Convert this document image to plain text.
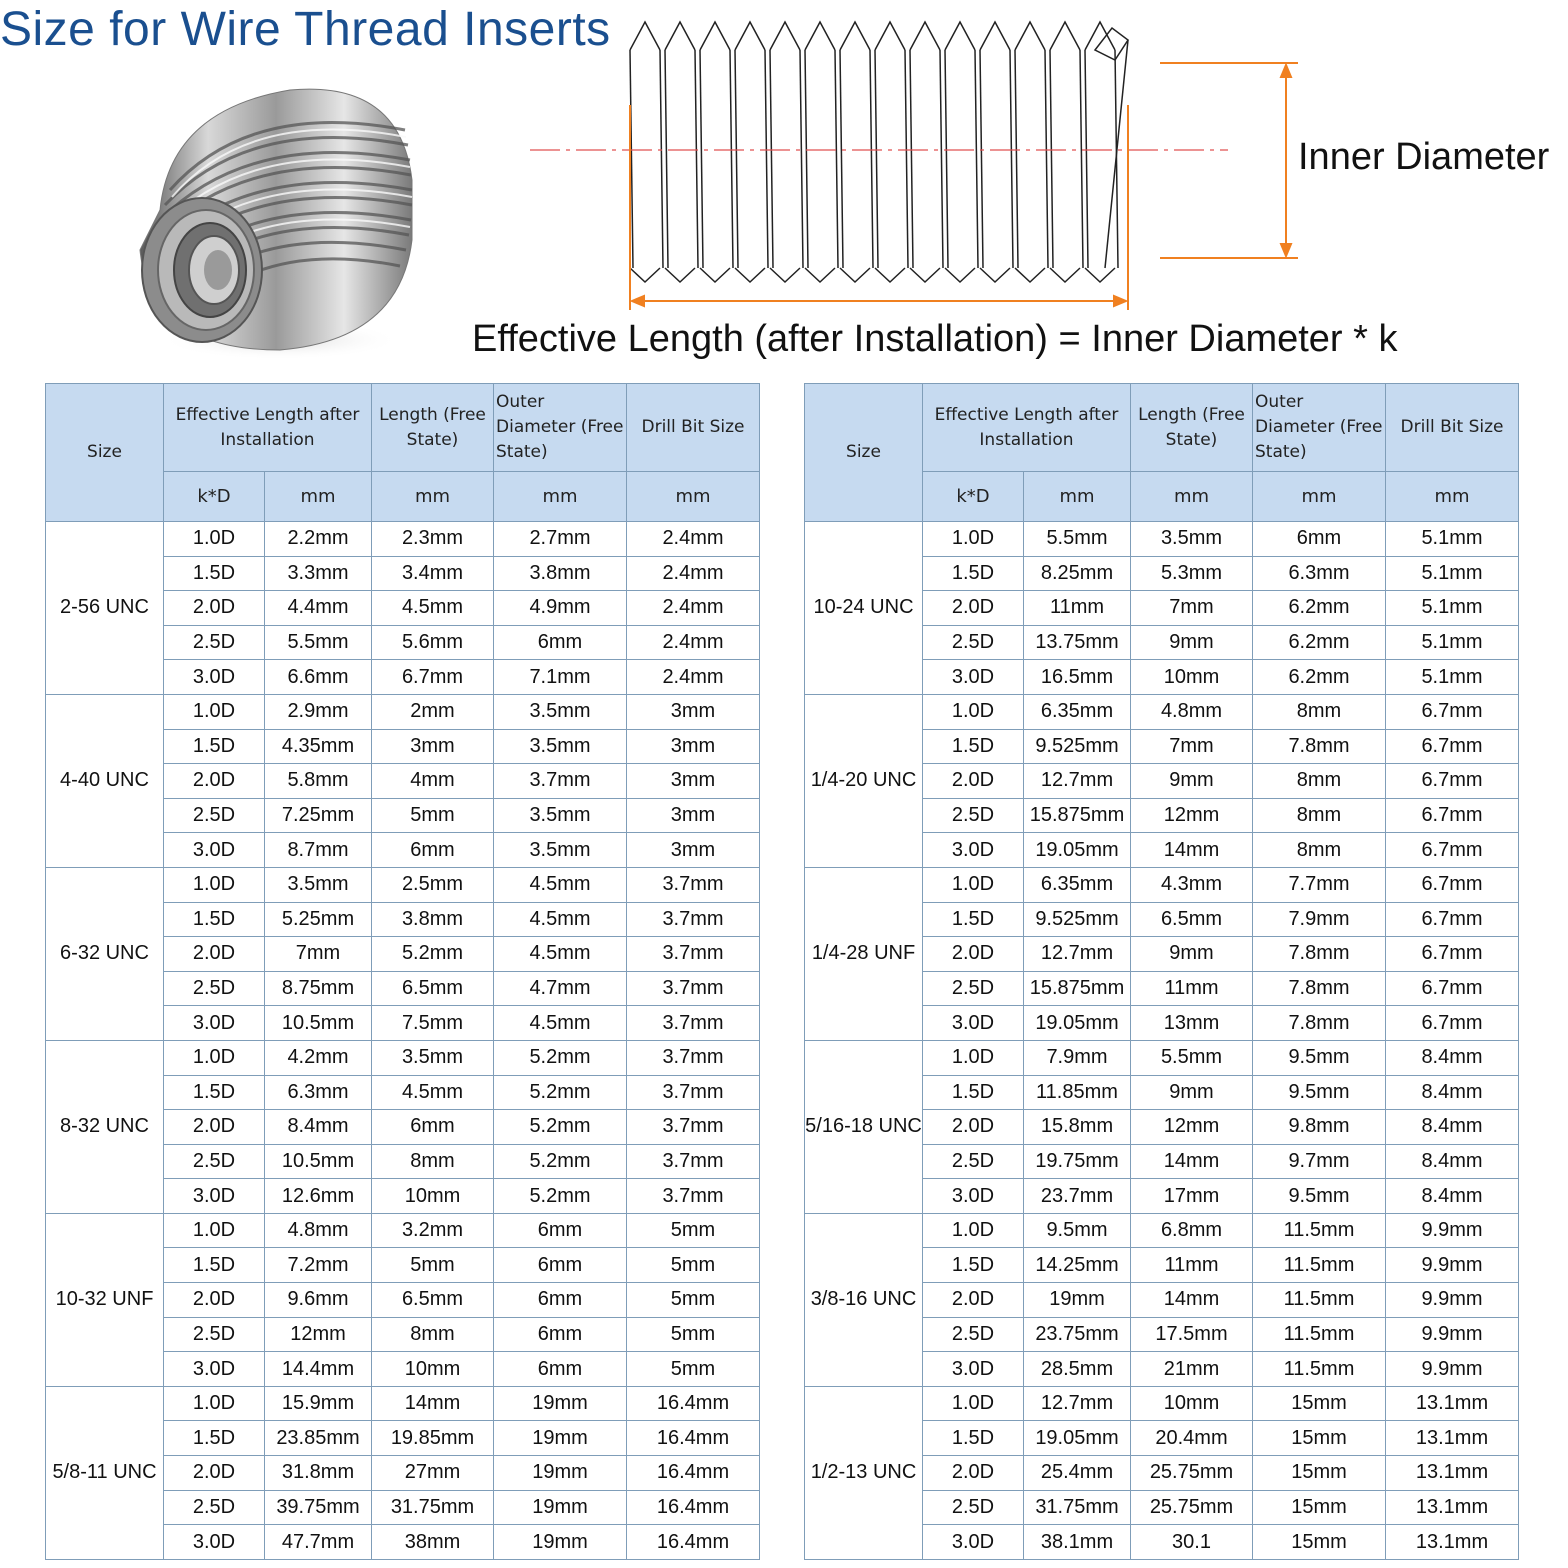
Size for Wire Thread Inserts
Inner Diameter
Effective Length (after Installation) = Inner Diameter * k
Size	Effective Length after Installation		Length (Free State)	Outer Diameter (Free State)	Drill Bit Size
	k*D	mm	mm	mm	mm
2-56 UNC	1.0D	2.2mm	2.3mm	2.7mm	2.4mm
	1.5D	3.3mm	3.4mm	3.8mm	2.4mm
	2.0D	4.4mm	4.5mm	4.9mm	2.4mm
	2.5D	5.5mm	5.6mm	6mm	2.4mm
	3.0D	6.6mm	6.7mm	7.1mm	2.4mm
4-40 UNC	1.0D	2.9mm	2mm	3.5mm	3mm
	1.5D	4.35mm	3mm	3.5mm	3mm
	2.0D	5.8mm	4mm	3.7mm	3mm
	2.5D	7.25mm	5mm	3.5mm	3mm
	3.0D	8.7mm	6mm	3.5mm	3mm
6-32 UNC	1.0D	3.5mm	2.5mm	4.5mm	3.7mm
	1.5D	5.25mm	3.8mm	4.5mm	3.7mm
	2.0D	7mm	5.2mm	4.5mm	3.7mm
	2.5D	8.75mm	6.5mm	4.7mm	3.7mm
	3.0D	10.5mm	7.5mm	4.5mm	3.7mm
8-32 UNC	1.0D	4.2mm	3.5mm	5.2mm	3.7mm
	1.5D	6.3mm	4.5mm	5.2mm	3.7mm
	2.0D	8.4mm	6mm	5.2mm	3.7mm
	2.5D	10.5mm	8mm	5.2mm	3.7mm
	3.0D	12.6mm	10mm	5.2mm	3.7mm
10-32 UNF	1.0D	4.8mm	3.2mm	6mm	5mm
	1.5D	7.2mm	5mm	6mm	5mm
	2.0D	9.6mm	6.5mm	6mm	5mm
	2.5D	12mm	8mm	6mm	5mm
	3.0D	14.4mm	10mm	6mm	5mm
5/8-11 UNC	1.0D	15.9mm	14mm	19mm	16.4mm
	1.5D	23.85mm	19.85mm	19mm	16.4mm
	2.0D	31.8mm	27mm	19mm	16.4mm
	2.5D	39.75mm	31.75mm	19mm	16.4mm
	3.0D	47.7mm	38mm	19mm	16.4mm
Size	Effective Length after Installation		Length (Free State)	Outer Diameter (Free State)	Drill Bit Size
	k*D	mm	mm	mm	mm
10-24 UNC	1.0D	5.5mm	3.5mm	6mm	5.1mm
	1.5D	8.25mm	5.3mm	6.3mm	5.1mm
	2.0D	11mm	7mm	6.2mm	5.1mm
	2.5D	13.75mm	9mm	6.2mm	5.1mm
	3.0D	16.5mm	10mm	6.2mm	5.1mm
1/4-20 UNC	1.0D	6.35mm	4.8mm	8mm	6.7mm
	1.5D	9.525mm	7mm	7.8mm	6.7mm
	2.0D	12.7mm	9mm	8mm	6.7mm
	2.5D	15.875mm	12mm	8mm	6.7mm
	3.0D	19.05mm	14mm	8mm	6.7mm
1/4-28 UNF	1.0D	6.35mm	4.3mm	7.7mm	6.7mm
	1.5D	9.525mm	6.5mm	7.9mm	6.7mm
	2.0D	12.7mm	9mm	7.8mm	6.7mm
	2.5D	15.875mm	11mm	7.8mm	6.7mm
	3.0D	19.05mm	13mm	7.8mm	6.7mm
5/16-18 UNC	1.0D	7.9mm	5.5mm	9.5mm	8.4mm
	1.5D	11.85mm	9mm	9.5mm	8.4mm
	2.0D	15.8mm	12mm	9.8mm	8.4mm
	2.5D	19.75mm	14mm	9.7mm	8.4mm
	3.0D	23.7mm	17mm	9.5mm	8.4mm
3/8-16 UNC	1.0D	9.5mm	6.8mm	11.5mm	9.9mm
	1.5D	14.25mm	11mm	11.5mm	9.9mm
	2.0D	19mm	14mm	11.5mm	9.9mm
	2.5D	23.75mm	17.5mm	11.5mm	9.9mm
	3.0D	28.5mm	21mm	11.5mm	9.9mm
1/2-13 UNC	1.0D	12.7mm	10mm	15mm	13.1mm
	1.5D	19.05mm	20.4mm	15mm	13.1mm
	2.0D	25.4mm	25.75mm	15mm	13.1mm
	2.5D	31.75mm	25.75mm	15mm	13.1mm
	3.0D	38.1mm	30.1	15mm	13.1mm
